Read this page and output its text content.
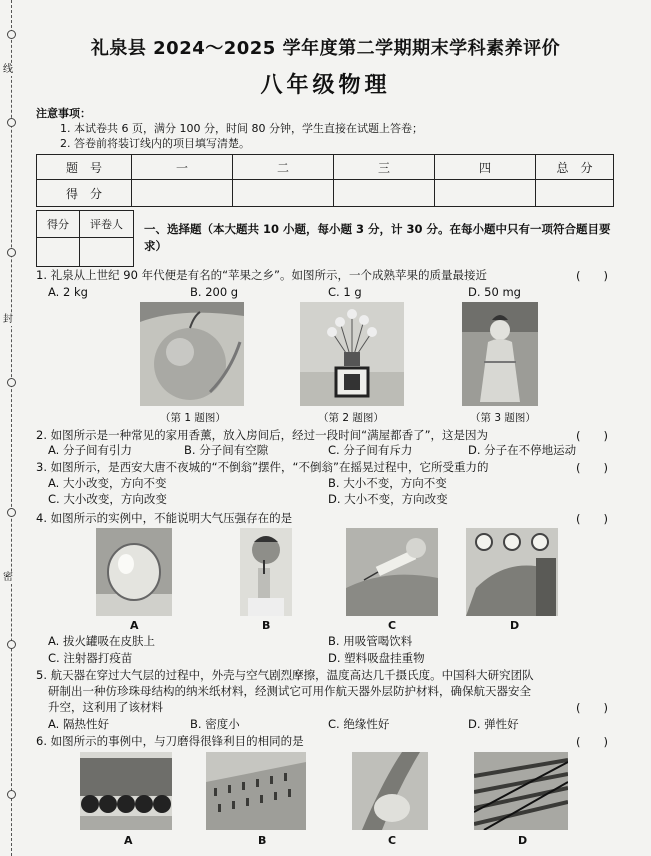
线
封
密
礼泉县 2024～2025 学年度第二学期期末学科素养评价
八年级物理
注意事项：
1. 本试卷共 6 页，满分 100 分，时间 80 分钟，学生直接在试题上答卷；
2. 答卷前将装订线内的项目填写清楚。
题　号	一	二	三	四	总　分
得　分					
得分	评卷人
	一、选择题（本大题共 10 小题，每小题 3 分，计 30 分。在每小题中只有一项符合题目要求）
1. 礼泉从上世纪 90 年代便是有名的“苹果之乡”。如图所示，一个成熟苹果的质量最接近	(　　)
A. 2 kg	B. 200 g	C. 1 g	D. 50 mg
（第 1 题图）	（第 2 题图）	（第 3 题图）
2. 如图所示是一种常见的家用香薰，放入房间后，经过一段时间“满屋都香了”，这是因为	(　　)
A. 分子间有引力	B. 分子间有空隙	C. 分子间有斥力	D. 分子在不停地运动
3. 如图所示，是西安大唐不夜城的“不倒翁”摆件，“不倒翁”在摇晃过程中，它所受重力的	(　　)
A. 大小改变，方向不变	B. 大小不变，方向不变
C. 大小改变，方向改变	D. 大小不变，方向改变
4. 如图所示的实例中，不能说明大气压强存在的是	(　　)
A	B	C	D
A. 拔火罐吸在皮肤上	B. 用吸管喝饮料
C. 注射器打疫苗	D. 塑料吸盘挂重物
5. 航天器在穿过大气层的过程中，外壳与空气剧烈摩擦，温度高达几千摄氏度。中国科大研究团队
研制出一种仿珍珠母结构的纳米纸材料，经测试它可用作航天器外层防护材料，确保航天器安全
升空，这利用了该材料	(　　)
A. 隔热性好	B. 密度小	C. 绝缘性好	D. 弹性好
6. 如图所示的事例中，与刀磨得很锋利目的相同的是	(　　)
A	B	C	D
